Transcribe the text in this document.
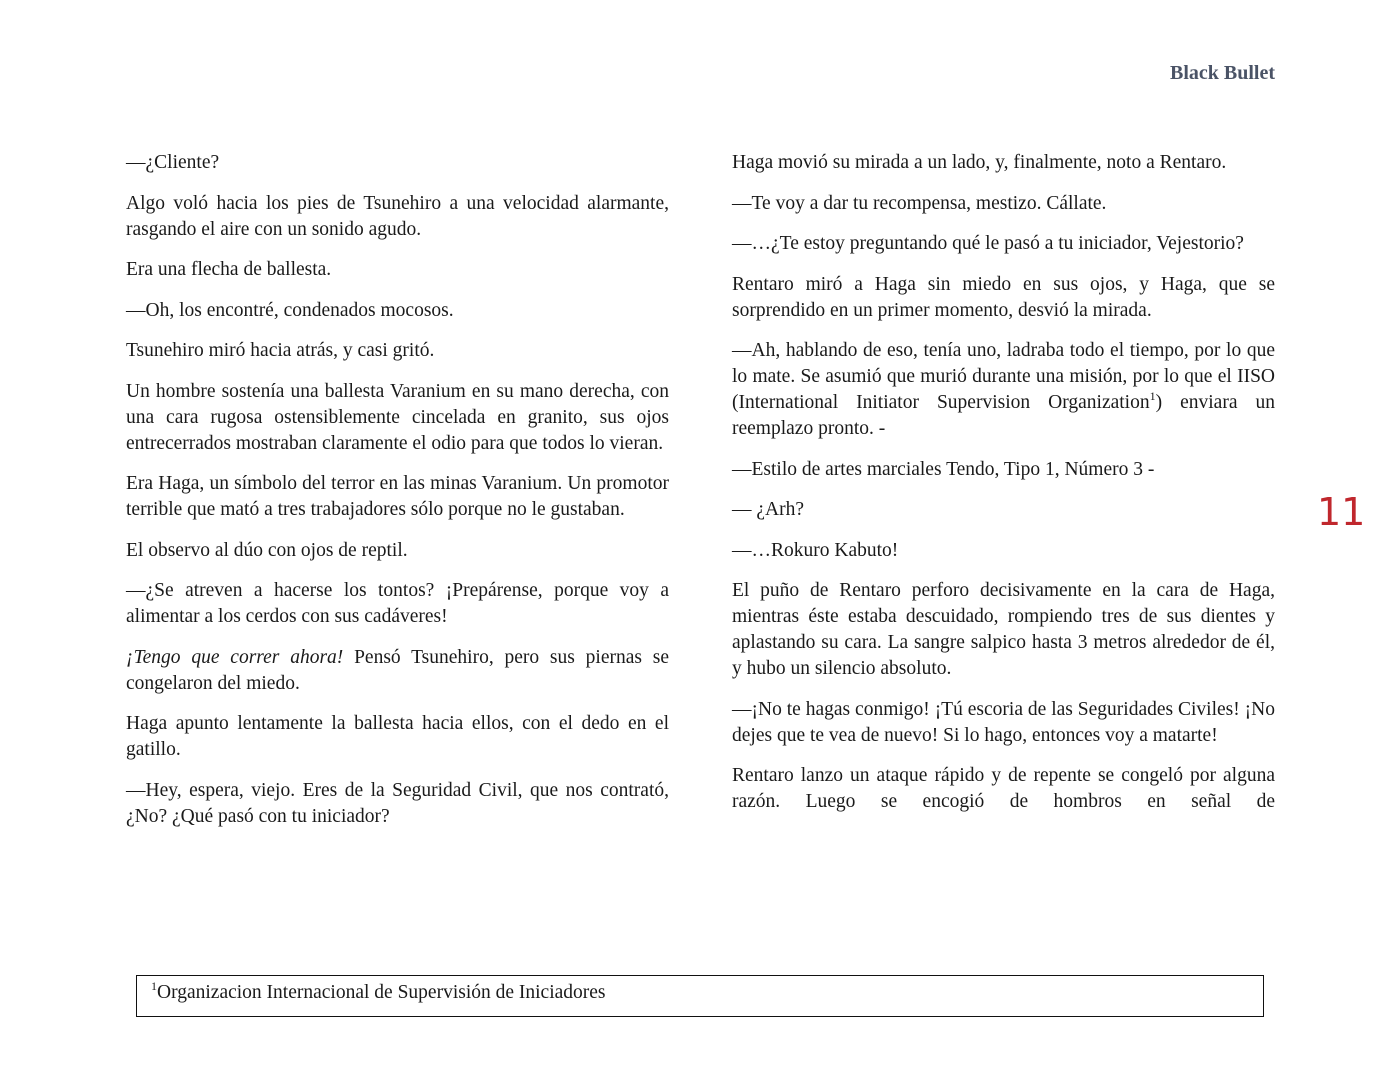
Black Bullet
11

—¿Cliente?

Algo voló hacia los pies de Tsunehiro a una velocidad alarmante, rasgando el aire con un sonido agudo.

Era una flecha de ballesta.

—Oh, los encontré, condenados mocosos.

Tsunehiro miró hacia atrás, y casi gritó.

Un hombre sostenía una ballesta Varanium en su mano derecha, con una cara rugosa ostensiblemente cincelada en granito, sus ojos entrecerrados mostraban claramente el odio para que todos lo vieran.

Era Haga, un símbolo del terror en las minas Varanium. Un promotor terrible que mató a tres trabajadores sólo porque no le gustaban.

El observo al dúo con ojos de reptil.

—¿Se atreven a hacerse los tontos? ¡Prepárense, porque voy a alimentar a los cerdos con sus cadáveres!

¡Tengo que correr ahora! Pensó Tsunehiro, pero sus piernas se congelaron del miedo.

Haga apunto lentamente la ballesta hacia ellos, con el dedo en el gatillo.

—Hey, espera, viejo. Eres de la Seguridad Civil, que nos contrató, ¿No? ¿Qué pasó con tu iniciador?

Haga movió su mirada a un lado, y, finalmente, noto a Rentaro.

—Te voy a dar tu recompensa, mestizo. Cállate.

—…¿Te estoy preguntando qué le pasó a tu iniciador, Vejestorio?

Rentaro miró a Haga sin miedo en sus ojos, y Haga, que se sorprendido en un primer momento, desvió la mirada.

—Ah, hablando de eso, tenía uno, ladraba todo el tiempo, por lo que lo mate. Se asumió que murió durante una misión, por lo que el IISO (International Initiator Supervision Organization$^1$) enviara un reemplazo pronto. -

—Estilo de artes marciales Tendo, Tipo 1, Número 3 -

— ¿Arh?

—…Rokuro Kabuto!

El puño de Rentaro perforo decisivamente en la cara de Haga, mientras éste estaba descuidado, rompiendo tres de sus dientes y aplastando su cara. La sangre salpico hasta 3 metros alrededor de él, y hubo un silencio absoluto.

—¡No te hagas conmigo! ¡Tú escoria de las Seguridades Civiles! ¡No dejes que te vea de nuevo! Si lo hago, entonces voy a matarte!

Rentaro lanzo un ataque rápido y de repente se congeló por alguna razón. Luego se encogió de hombros en señal de

$^1$Organizacion Internacional de Supervisión de Iniciadores
